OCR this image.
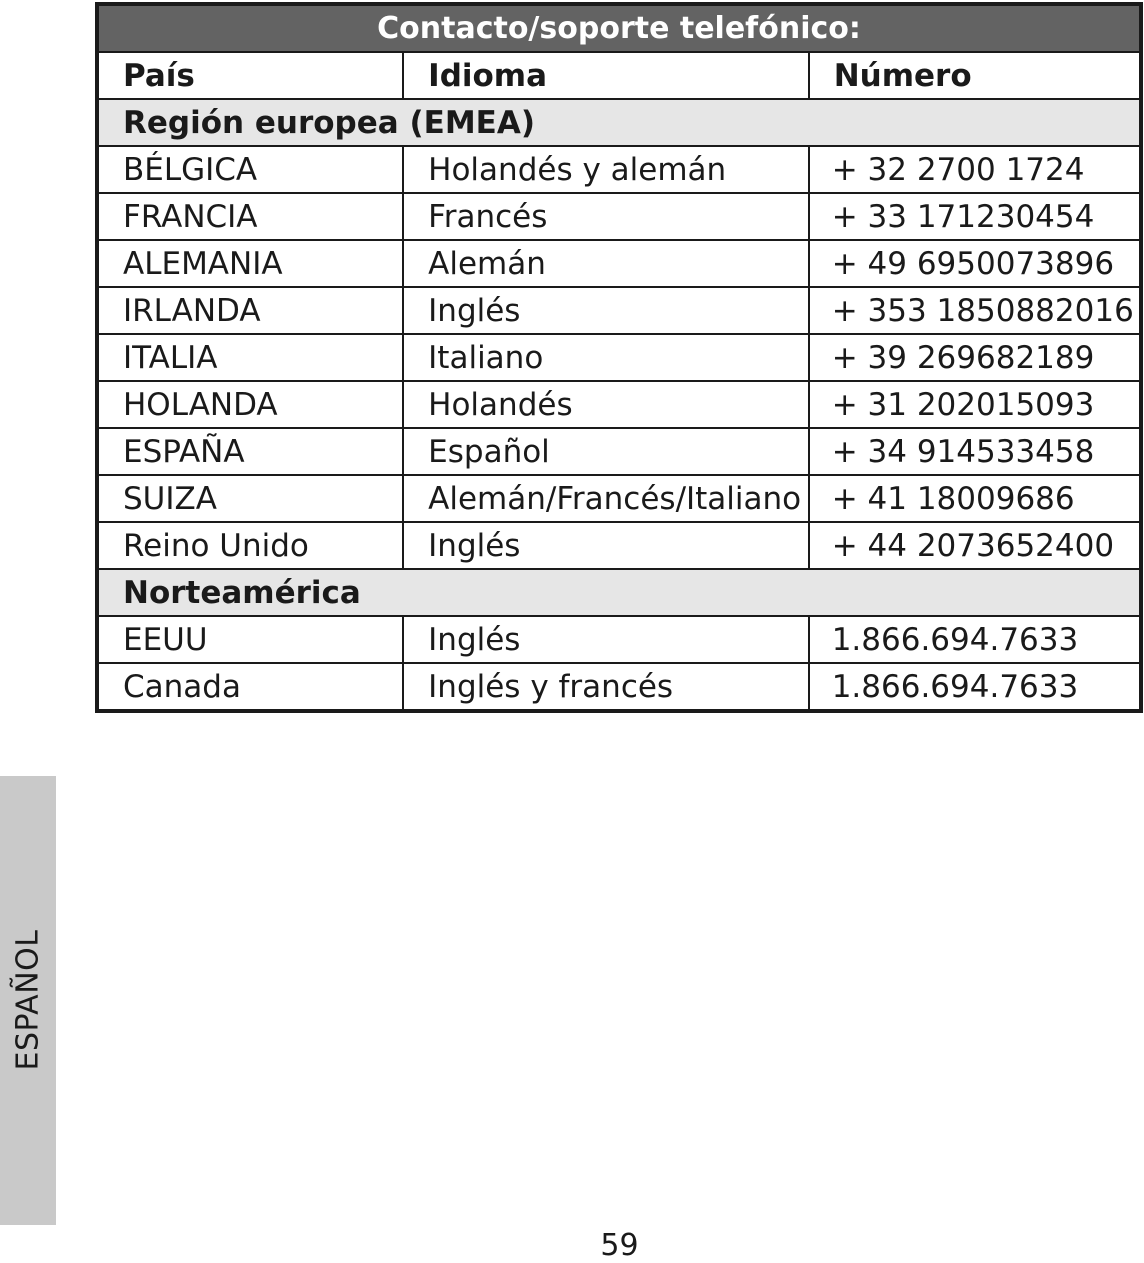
Contacto/soporte telefónico:		
País	Idioma	Número
Región europea (EMEA)		
BÉLGICA	Holandés y alemán	+ 32 2700 1724
FRANCIA	Francés	+ 33 171230454
ALEMANIA	Alemán	+ 49 6950073896
IRLANDA	Inglés	+ 353 1850882016
ITALIA	Italiano	+ 39 269682189
HOLANDA	Holandés	+ 31 202015093
ESPAÑA	Español	+ 34 914533458
SUIZA	Alemán/Francés/Italiano	+ 41 18009686
Reino Unido	Inglés	+ 44 2073652400
Norteamérica		
EEUU	Inglés	1.866.694.7633
Canada	Inglés y francés	1.866.694.7633
ESPAÑOL
59
